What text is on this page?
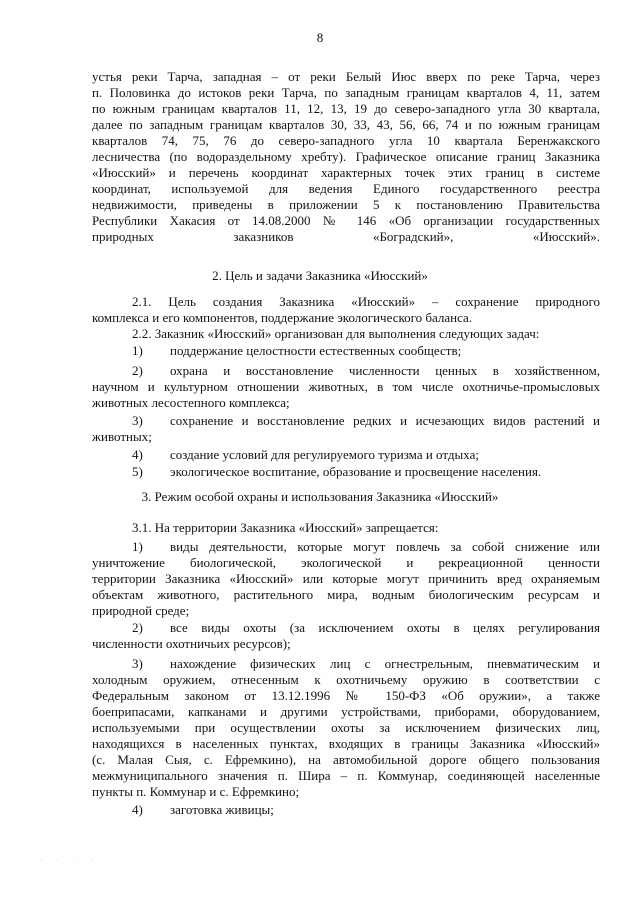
8
устья реки Тарча, западная – от реки Белый Июс вверх по реке Тарча, через
п. Половинка до истоков реки Тарча, по западным границам кварталов 4, 11, затем
по южным границам кварталов 11, 12, 13, 19 до северо-западного угла 30 квартала,
далее по западным границам кварталов 30, 33, 43, 56, 66, 74 и по южным границам
кварталов 74, 75, 76 до северо-западного угла 10 квартала Беренжакского
лесничества (по водораздельному хребту). Графическое описание границ Заказника
«Июсский» и перечень координат характерных точек этих границ в системе
координат, используемой для ведения Единого государственного реестра
недвижимости, приведены в приложении 5 к постановлению Правительства
Республики Хакасия от 14.08.2000 № 146 «Об организации государственных
природных заказников «Боградский», «Июсский».
2. Цель и задачи Заказника «Июсский»
2.1. Цель создания Заказника «Июсский» – сохранение природного
комплекса и его компонентов, поддержание экологического баланса.
2.2. Заказник «Июсский» организован для выполнения следующих задач:
1) поддержание целостности естественных сообществ;
2) охрана и восстановление численности ценных в хозяйственном,
научном и культурном отношении животных, в том числе охотничье-промысловых
животных лесостепного комплекса;
3) сохранение и восстановление редких и исчезающих видов растений и
животных;
4) создание условий для регулируемого туризма и отдыха;
5) экологическое воспитание, образование и просвещение населения.
3. Режим особой охраны и использования Заказника «Июсский»
3.1. На территории Заказника «Июсский» запрещается:
1) виды деятельности, которые могут повлечь за собой снижение или
уничтожение биологической, экологической и рекреационной ценности
территории Заказника «Июсский» или которые могут причинить вред охраняемым
объектам животного, растительного мира, водным биологическим ресурсам и
природной среде;
2) все виды охоты (за исключением охоты в целях регулирования
численности охотничьих ресурсов);
3) нахождение физических лиц с огнестрельным, пневматическим и
холодным оружием, отнесенным к охотничьему оружию в соответствии с
Федеральным законом от 13.12.1996 № 150-ФЗ «Об оружии», а также
боеприпасами, капканами и другими устройствами, приборами, оборудованием,
используемыми при осуществлении охоты за исключением физических лиц,
находящихся в населенных пунктах, входящих в границы Заказника «Июсский»
(с. Малая Сыя, с. Ефремкино), на автомобильной дороге общего пользования
межмуниципального значения п. Шира – п. Коммунар, соединяющей населенные
пункты п. Коммунар и с. Ефремкино;
4) заготовка живицы;
· · · ·
